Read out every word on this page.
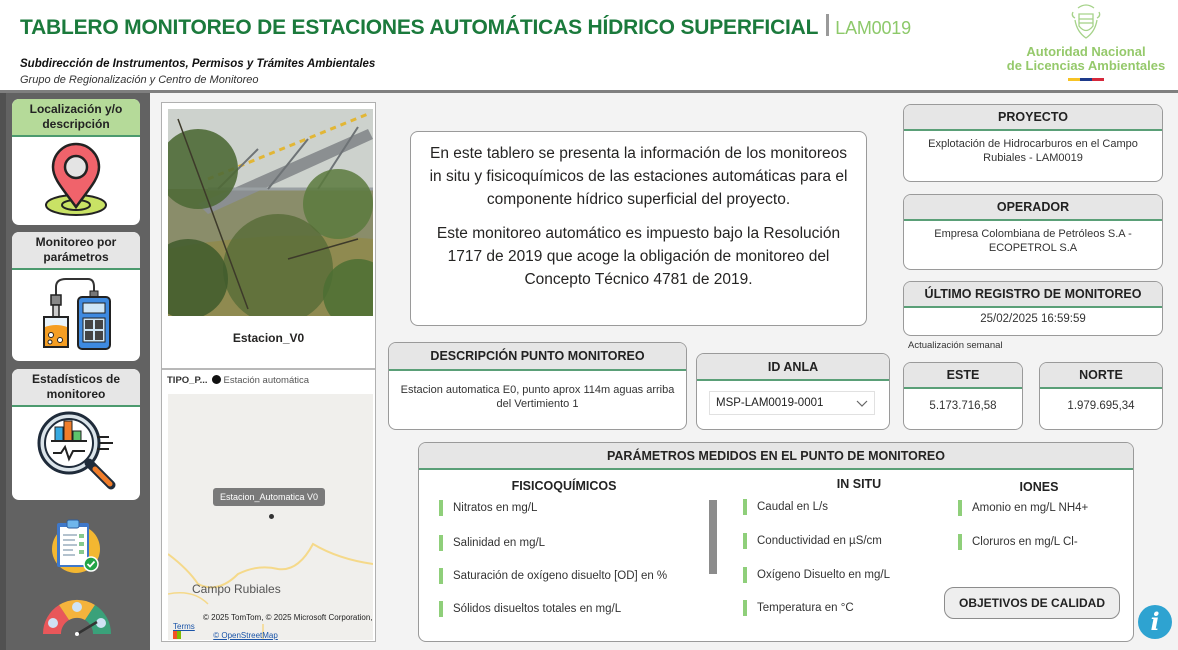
TABLERO MONITOREO DE ESTACIONES AUTOMÁTICAS HÍDRICO SUPERFICIAL LAM0019
Subdirección de Instrumentos, Permisos y Trámites Ambientales
Grupo de Regionalización y Centro de Monitoreo
Autoridad Nacional
de Licencias Ambientales
Localización y/o descripción
Monitoreo por parámetros
Estadísticos de monitoreo
Estacion_V0
TIPO_P... Estación automática
Estacion_Automatica V0
Campo Rubiales
© 2025 TomTom, © 2025 Microsoft Corporation, Terms
© OpenStreetMap

En este tablero se presenta la información de los monitoreos in situ y fisicoquímicos de las estaciones automáticas para el componente hídrico superficial del proyecto.

Este monitoreo automático es impuesto bajo la Resolución 1717 de 2019 que acoge la obligación de monitoreo del Concepto Técnico 4781 de 2019.

PROYECTO
Explotación de Hidrocarburos en el Campo Rubiales - LAM0019
OPERADOR
Empresa Colombiana de Petróleos S.A - ECOPETROL S.A
ÚLTIMO REGISTRO DE MONITOREO
25/02/2025 16:59:59
Actualización semanal
ESTE
5.173.716,58
NORTE
1.979.695,34
DESCRIPCIÓN PUNTO MONITOREO
Estacion automatica E0, punto aprox 114m aguas arriba del Vertimiento 1
ID ANLA
MSP-LAM0019-0001
PARÁMETROS MEDIDOS EN EL PUNTO DE MONITOREO
FISICOQUÍMICOS
Nitratos en mg/L
Salinidad en mg/L
Saturación de oxígeno disuelto [OD] en %
Sólidos disueltos totales en mg/L
IN SITU
Caudal en L/s
Conductividad en µS/cm
Oxígeno Disuelto en mg/L
Temperatura en °C
IONES
Amonio en mg/L NH4+
Cloruros en mg/L Cl-
OBJETIVOS DE CALIDAD
i
